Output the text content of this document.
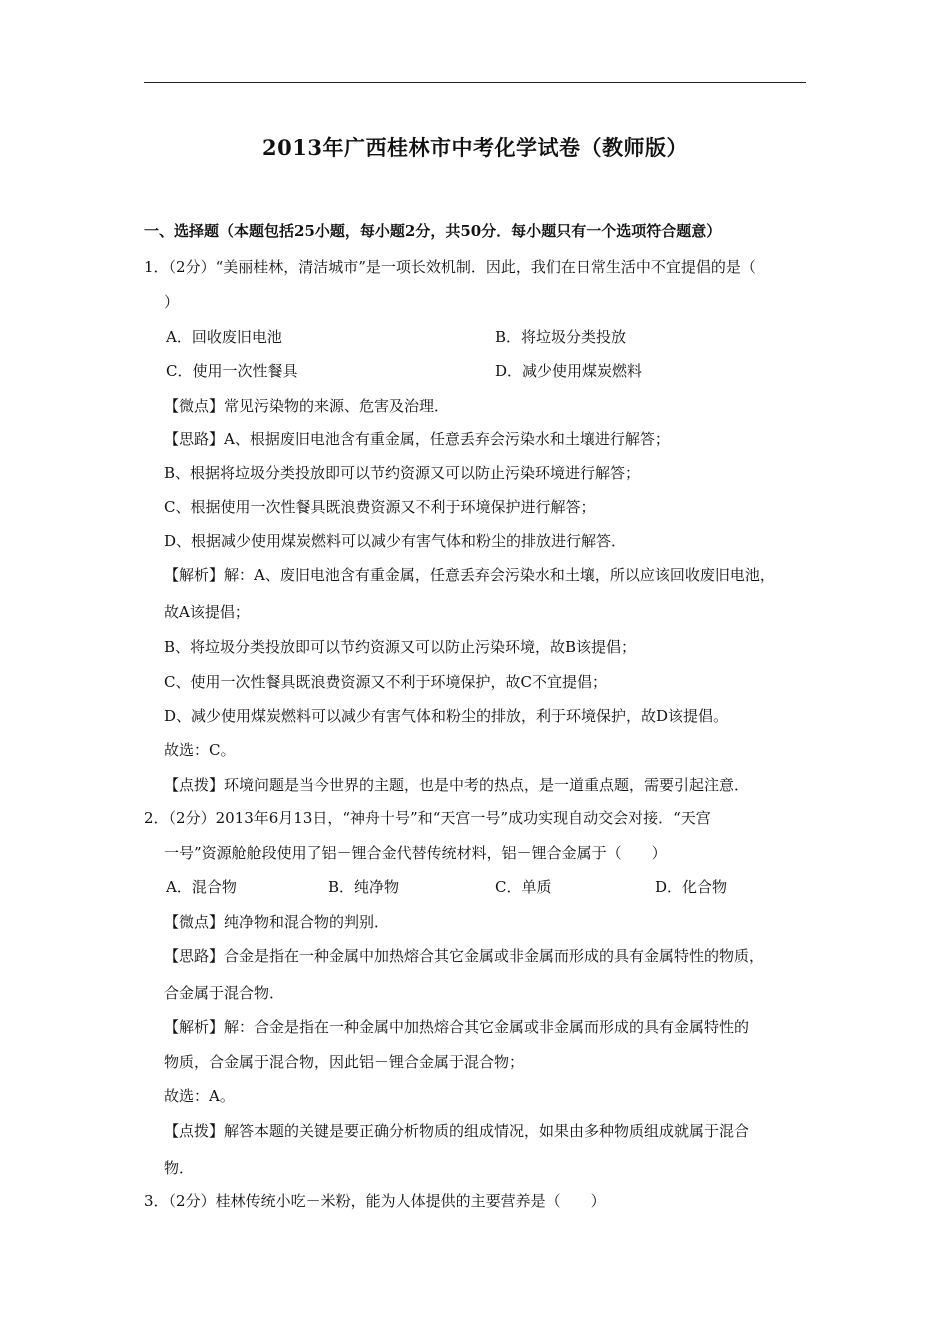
2013年广西桂林市中考化学试卷（教师版）
一、选择题（本题包括25小题，每小题2分，共50分．每小题只有一个选项符合题意）
1．（2分）“美丽桂林，清洁城市”是一项长效机制．因此，我们在日常生活中不宜提倡的是（
）
A．回收废旧电池	B．将垃圾分类投放
C．使用一次性餐具	D．减少使用煤炭燃料
【微点】常见污染物的来源、危害及治理．
【思路】A、根据废旧电池含有重金属，任意丢弃会污染水和土壤进行解答；
B、根据将垃圾分类投放即可以节约资源又可以防止污染环境进行解答；
C、根据使用一次性餐具既浪费资源又不利于环境保护进行解答；
D、根据减少使用煤炭燃料可以减少有害气体和粉尘的排放进行解答．
【解析】解：A、废旧电池含有重金属，任意丢弃会污染水和土壤，所以应该回收废旧电池，
故A该提倡；
B、将垃圾分类投放即可以节约资源又可以防止污染环境，故B该提倡；
C、使用一次性餐具既浪费资源又不利于环境保护，故C不宜提倡；
D、减少使用煤炭燃料可以减少有害气体和粉尘的排放，利于环境保护，故D该提倡。
故选：C。
【点拨】环境问题是当今世界的主题，也是中考的热点，是一道重点题，需要引起注意．
2．（2分）2013年6月13日，“神舟十号”和“天宫一号”成功实现自动交会对接．“天宫
一号”资源舱舱段使用了铝－锂合金代替传统材料，铝－锂合金属于（　　）
A．混合物	B．纯净物	C．单质	D．化合物
【微点】纯净物和混合物的判别．
【思路】合金是指在一种金属中加热熔合其它金属或非金属而形成的具有金属特性的物质，
合金属于混合物．
【解析】解：合金是指在一种金属中加热熔合其它金属或非金属而形成的具有金属特性的
物质，合金属于混合物，因此铝－锂合金属于混合物；
故选：A。
【点拨】解答本题的关键是要正确分析物质的组成情况，如果由多种物质组成就属于混合
物．
3．（2分）桂林传统小吃－米粉，能为人体提供的主要营养是（　　）
